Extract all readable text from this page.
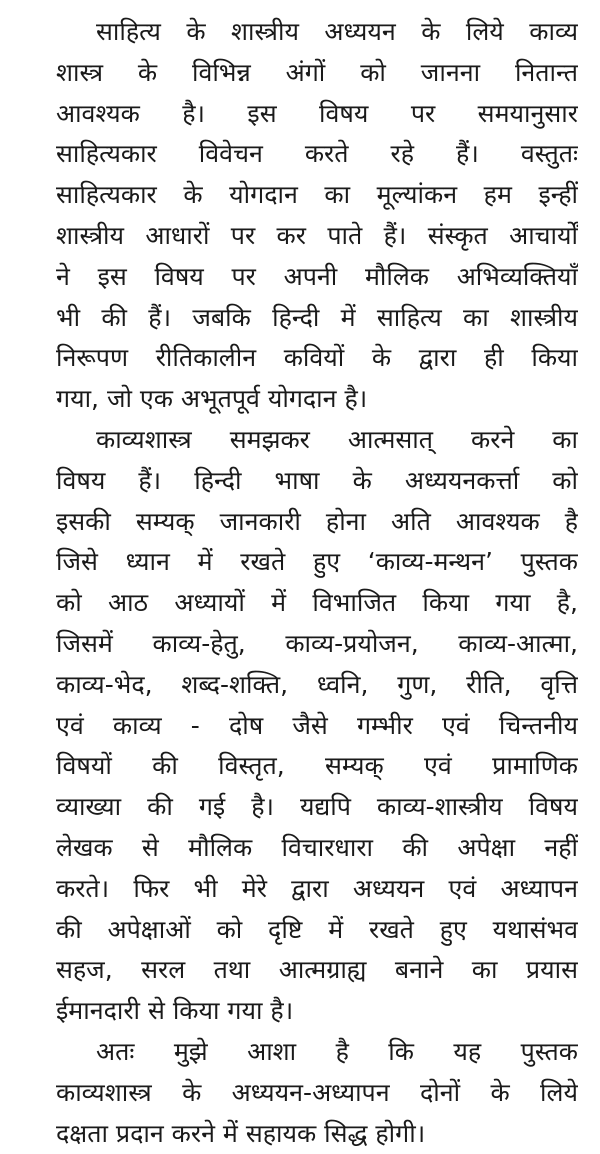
साहित्य के शास्त्रीय अध्ययन के लिये काव्य
शास्त्र के विभिन्न अंगों को जानना नितान्त
आवश्यक है। इस विषय पर समयानुसार
साहित्यकार विवेचन करते रहे हैं। वस्तुतः
साहित्यकार के योगदान का मूल्यांकन हम इन्हीं
शास्त्रीय आधारों पर कर पाते हैं। संस्कृत आचार्यों
ने इस विषय पर अपनी मौलिक अभिव्यक्तियाँ
भी की हैं। जबकि हिन्दी में साहित्य का शास्त्रीय
निरूपण रीतिकालीन कवियों के द्वारा ही किया
गया, जो एक अभूतपूर्व योगदान है।
काव्यशास्त्र समझकर आत्मसात् करने का
विषय हैं। हिन्दी भाषा के अध्ययनकर्त्ता को
इसकी सम्यक् जानकारी होना अति आवश्यक है
जिसे ध्यान में रखते हुए ‘काव्य-मन्थन’ पुस्तक
को आठ अध्यायों में विभाजित किया गया है,
जिसमें काव्य-हेतु, काव्य-प्रयोजन, काव्य-आत्मा,
काव्य-भेद, शब्द-शक्ति, ध्वनि, गुण, रीति, वृत्ति
एवं काव्य - दोष जैसे गम्भीर एवं चिन्तनीय
विषयों की विस्तृत, सम्यक् एवं प्रामाणिक
व्याख्या की गई है। यद्यपि काव्य-शास्त्रीय विषय
लेखक से मौलिक विचारधारा की अपेक्षा नहीं
करते। फिर भी मेरे द्वारा अध्ययन एवं अध्यापन
की अपेक्षाओं को दृष्टि में रखते हुए यथासंभव
सहज, सरल तथा आत्मग्राह्य बनाने का प्रयास
ईमानदारी से किया गया है।
अतः मुझे आशा है कि यह पुस्तक
काव्यशास्त्र के अध्ययन-अध्यापन दोनों के लिये
दक्षता प्रदान करने में सहायक सिद्ध होगी।
